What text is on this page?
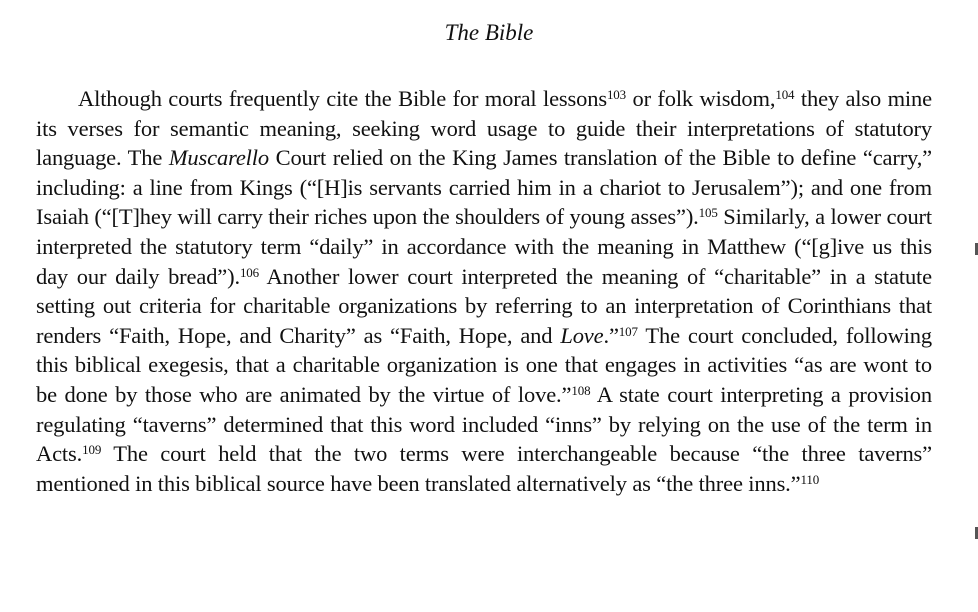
The Bible

Although courts frequently cite the Bible for moral lessons$^{103}$ or folk wisdom,$^{104}$ they also mine its verses for semantic meaning, seeking word usage to guide their interpretations of statutory language. The Muscarello Court relied on the King James translation of the Bible to define “carry,” including: a line from Kings (“[H]is servants carried him in a chariot to Jerusalem”); and one from Isaiah (“[T]hey will carry their riches upon the shoulders of young asses”).$^{105}$ Similarly, a lower court interpreted the statutory term “daily” in accordance with the meaning in Matthew (“[g]ive us this day our daily bread”).$^{106}$ Another lower court interpreted the meaning of “charitable” in a statute setting out criteria for charitable organizations by referring to an interpretation of Corinthians that renders “Faith, Hope, and Charity” as “Faith, Hope, and Love.”$^{107}$ The court concluded, following this biblical exegesis, that a charitable organization is one that engages in activities “as are wont to be done by those who are animated by the virtue of love.”$^{108}$ A state court interpreting a provision regulating “taverns” determined that this word included “inns” by relying on the use of the term in Acts.$^{109}$ The court held that the two terms were interchangeable because “the three taverns” mentioned in this biblical source have been translated alternatively as “the three inns.”$^{110}$
